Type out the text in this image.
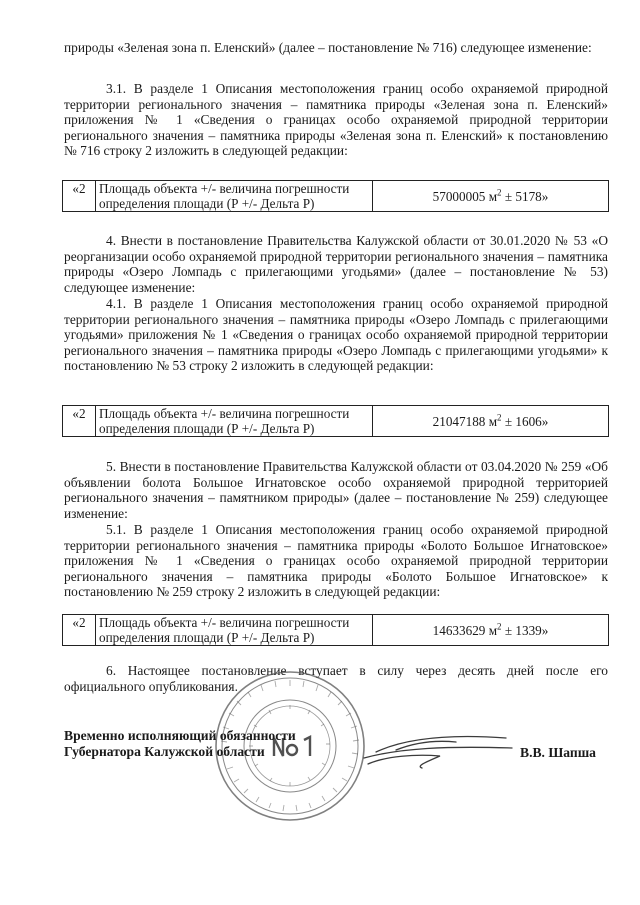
природы «Зеленая зона п. Еленский» (далее – постановление № 716) следующее изменение:

3.1. В разделе 1 Описания местоположения границ особо охраняемой природной территории регионального значения – памятника природы «Зеленая зона п. Еленский» приложения № 1 «Сведения о границах особо охраняемой природной территории регионального значения – памятника природы «Зеленая зона п. Еленский» к постановлению № 716 строку 2 изложить в следующей редакции:

«2	Площадь объекта +/- величина погрешности определения площади (Р +/- Дельта Р)	57000005 $м^2 \pm 5178$»

4. Внести в постановление Правительства Калужской области от 30.01.2020 № 53 «О реорганизации особо охраняемой природной территории регионального значения – памятника природы «Озеро Ломпадь с прилегающими угодьями» (далее – постановление № 53) следующее изменение:

4.1. В разделе 1 Описания местоположения границ особо охраняемой природной территории регионального значения – памятника природы «Озеро Ломпадь с прилегающими угодьями» приложения № 1 «Сведения о границах особо охраняемой природной территории регионального значения – памятника природы «Озеро Ломпадь с прилегающими угодьями» к постановлению № 53 строку 2 изложить в следующей редакции:

«2	Площадь объекта +/- величина погрешности определения площади (Р +/- Дельта Р)	21047188 $м^2 \pm 1606$»

5. Внести в постановление Правительства Калужской области от 03.04.2020 № 259 «Об объявлении болота Большое Игнатовское особо охраняемой природной территорией регионального значения – памятником природы» (далее – постановление № 259) следующее изменение:

5.1. В разделе 1 Описания местоположения границ особо охраняемой природной территории регионального значения – памятника природы «Болото Большое Игнатовское» приложения № 1 «Сведения о границах особо охраняемой природной территории регионального значения – памятника природы «Болото Большое Игнатовское» к постановлению № 259 строку 2 изложить в следующей редакции:

«2	Площадь объекта +/- величина погрешности определения площади (Р +/- Дельта Р)	14633629 $м^2 \pm 1339$»

6. Настоящее постановление вступает в силу через десять дней после его официального опубликования.

Временно исполняющий обязанности
Губернатора Калужской области	В.В. Шапша
